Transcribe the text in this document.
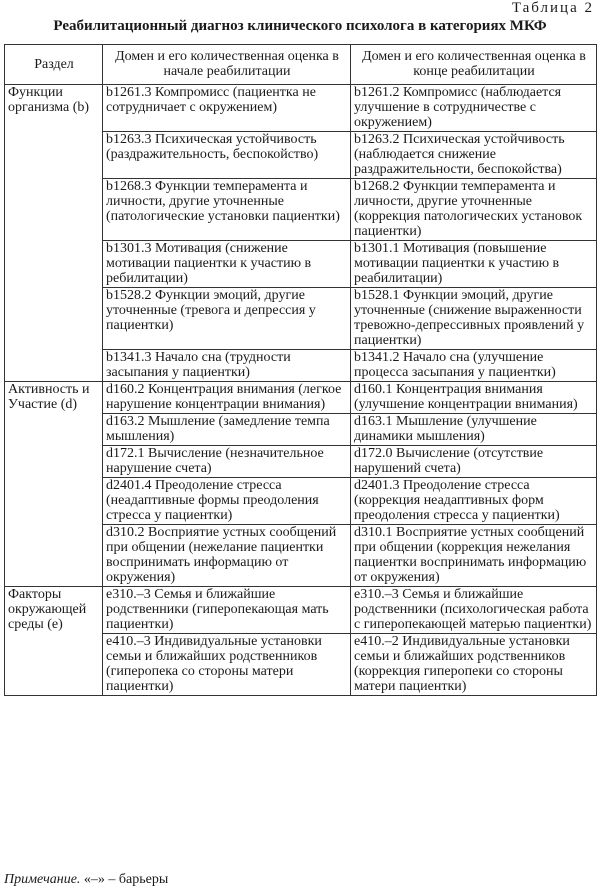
Таблица 2
Реабилитационный диагноз клинического психолога в категориях МКФ
Раздел	Домен и его количественная оценка в начале реабилитации	Домен и его количественная оценка в конце реабилитации
Функции организма (b)	b1261.3 Компромисс (пациентка не сотрудничает с окружением)	b1261.2 Компромисс (наблюдается улучшение в сотрудничестве с окружением)
	b1263.3 Психическая устойчивость (раздражительность, беспокойство)	b1263.2 Психическая устойчивость (наблюдается снижение раздражительности, беспокойства)
	b1268.3 Функции темперамента и личности, другие уточненные (патологические установки пациентки)	b1268.2 Функции темперамента и личности, другие уточненные (коррекция патологических установок пациентки)
	b1301.3 Мотивация (снижение мотивации пациентки к участию в ребилитации)	b1301.1 Мотивация (повышение мотивации пациентки к участию в реабилитации)
	b1528.2 Функции эмоций, другие уточненные (тревога и депрессия у пациентки)	b1528.1 Функции эмоций, другие уточненные (снижение выраженности тревожно-депрессивных проявлений у пациентки)
	b1341.3 Начало сна (трудности засыпания у пациентки)	b1341.2 Начало сна (улучшение процесса засыпания у пациентки)
Активность и Участие (d)	d160.2 Концентрация внимания (легкое нарушение концентрации внимания)	d160.1 Концентрация внимания (улучшение концентрации внимания)
	d163.2 Мышление (замедление темпа мышления)	d163.1 Мышление (улучшение динамики мышления)
	d172.1 Вычисление (незначительное нарушение счета)	d172.0 Вычисление (отсутствие нарушений счета)
	d2401.4 Преодоление стресса (неадаптивные формы преодоления стресса у пациентки)	d2401.3 Преодоление стресса (коррекция неадаптивных форм преодоления стресса у пациентки)
	d310.2 Восприятие устных сообщений при общении (нежелание пациентки воспринимать информацию от окружения)	d310.1 Восприятие устных сообщений при общении (коррекция нежелания пациентки воспринимать информацию от окружения)
Факторы окружающей среды (e)	e310.–3 Семья и ближайшие родственники (гиперопекающая мать пациентки)	e310.–3 Семья и ближайшие родственники (психологическая работа с гиперопекающей матерью пациентки)
	e410.–3 Индивидуальные установки семьи и ближайших родственников (гиперопека со стороны матери пациентки)	e410.–2 Индивидуальные установки семьи и ближайших родственников (коррекция гиперопеки со стороны матери пациентки)
Примечание. «–» – барьеры
